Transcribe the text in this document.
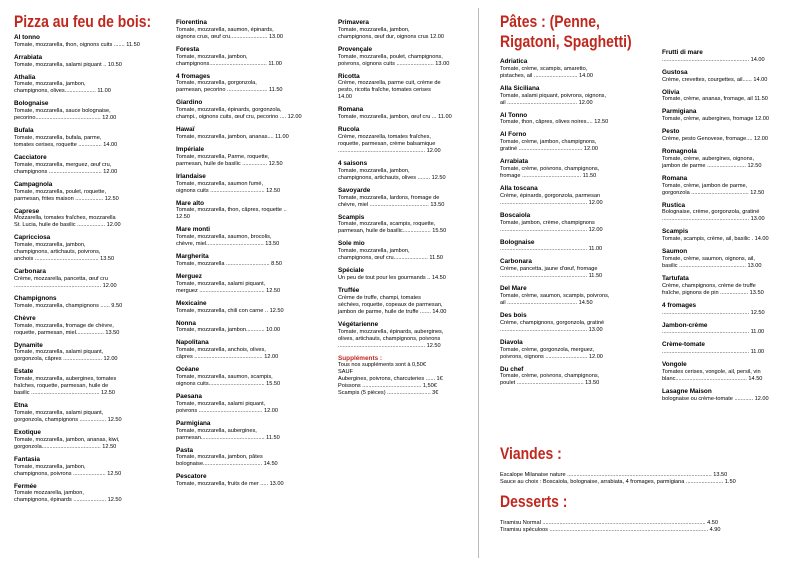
Pizza au feu de bois:
Al tonno
Tomate, mozzarella, thon, oignons cuits ....... 11.50
Arrabiata
Tomate, mozzarella, salami piquant .. 10.50
Athalia
Tomate, mozzarella, jambon,
champignons, olives.................... 11.00
Bolognaise
Tomate, mozzarella, sauce bolognaise,
pecorino.......................................... 12.00
Bufala
Tomate, mozzarella, bufala, parme,
tomates cerises, roquette ............... 14.00
Cacciatore
Tomate, mozzarella, merguez, œuf cru,
champignons .................................. 12.00
Campagnola
Tomate, mozzarella, poulet, roquette,
parmesan, frites maison .................. 12.50
Caprese
Mozzarella, tomates fraîches, mozzarella
St. Lucia, huile de basilic .................. 12.00
Capricciosa
Tomate, mozzarella, jambon,
champignons, artichauts, poivrons,
anchois ......................................... 13.50
Carbonara
Crème, mozzarella, pancetta, œuf cru
........................................................ 12.00
Champignons
Tomate, mozzarella, champignons ...... 9.50
Chèvre
Tomate, mozzarella, fromage de chèvre,
roquette, parmesan, miel.................. 13.50
Dynamite
Tomate, mozzarella, salami piquant,
gorgonzola, câpres ......................... 12.00
Estate
Tomate, mozzarella, aubergines, tomates
fraîches, roquette, parmesan, huile de
basilic ............................................ 12.50
Etna
Tomate, mozzarella, salami piquant,
gorgonzola, champignons ................. 12.50
Exotique
Tomate, mozzarella, jambon, ananas, kiwi,
gorgonzola...................................... 12.50
Fantasia
Tomate, mozzarella, jambon,
champignons, poivrons ..................... 12.50
Fermée
Tomate mozzarella, jambon,
champignons, épinards ..................... 12.50
Fiorentina
Tomate, mozzarella, saumon, épinards,
oignons crus, œuf cru........................ 13.00
Foresta
Tomate, mozzarella, jambon,
champignons..................................... 11.00
4 fromages
Tomate, mozzarella, gorgonzola,
parmesan, pecorino .......................... 11.50
Giardino
Tomate, mozzarella, épinards, gorgonzola,
champi., oignons cuits, œuf cru, pecorino .... 12.00
Hawaï
Tomate, mozzarella, jambon, ananas.... 11.00
Impériale
Tomate, mozzarella, Parme, roquette,
parmesan, huile de basilic ................ 12.50
Irlandaise
Tomate, mozzarella, saumon fumé,
oignons cuits ................................... 12.50
Mare alto
Tomate, mozzarella, thon, câpres, roquette .. 12.50
Mare monti
Tomate, mozzarella, saumon, brocolis,
chèvre, miel..................................... 13.50
Margherita
Tomate, mozzarella ............................ 8.50
Merguez
Tomate, mozzarella, salami piquant,
merguez .......................................... 12.50
Mexicaine
Tomate, mozzarella, chili con carne .. 12.50
Nonna
Tomate, mozzarella, jambon............ 10.00
Napolitana
Tomate, mozzarella, anchois, olives,
câpres ............................................ 12.00
Océane
Tomate, mozzarella, saumon, scampis,
oignons cuits.................................... 15.50
Paesana
Tomate, mozzarella, salami piquant,
poivrons ......................................... 12.00
Parmigiana
Tomate, mozzarella, aubergines,
parmesan......................................... 11.50
Pasta
Tomate, mozzarella, jambon, pâtes
bolognaise...................................... 14.50
Pescatore
Tomate, mozzarella, fruits de mer ..... 13.00
Primavera
Tomate, mozzarella, jambon,
champignons, œuf dur, oignons crus 12.00
Provençale
Tomate, mozzarella, poulet, champignons,
poivrons, oignons cuits ........................ 13.00
Ricotta
Crème, mozzarella, parme cuit, crème de
pesto, ricotta fraîche, tomates cerises
14.00
Romana
Tomate, mozzarella, jambon, œuf cru ... 11.00
Rucola
Crème, mozzarella, tomates fraîches,
roquette, parmesan, crème balsamique
........................................................ 12.00
4 saisons
Tomate, mozzarella, jambon,
champignons, artichauts, olives ........ 12.50
Savoyarde
Tomate, mozzarella, lardons, fromage de
chèvre, miel ...................................... 13.50
Scampis
Tomate, mozzarella, scampis, roquette,
parmesan, huile de basilic.................. 15.50
Sole mio
Tomate, mozzarella, jambon,
champignons, œuf cru...................... 11.50
Spéciale
Un peu de tout pour les gourmands .. 14.50
Truffée
Crème de truffe, champi, tomates
séchées, roquette, copeaux de parmesan,
jambon de parme, huile de truffe ....... 14.00
Végétarienne
Tomate, mozzarella, épinards, aubergines,
olives, artichauts, champignons, poivrons
........................................................ 12.50
Suppléments :
Tous nos suppléments sont à 0,50€
SAUF
Aubergines, poivrons, charcuteries ...... 1€
Poissons ...................................... 1,50€
Scampis (5 pièces) ............................ 3€
Pâtes : (Penne,
Rigatoni, Spaghetti)
Adriatica
Tomate, crème, scampis, amaretto,
pistaches, ail ............................ 14.00
Alla Siciliana
Tomate, salami piquant, poivrons, oignons,
ail ............................................. 12.00
Al Tonno
Tomate, thon, câpres, olives noires.... 12.50
Al Forno
Tomate, crème, jambon, champignons,
gratiné ......................................... 12.00
Arrabiata
Tomate, crème, poivrons, champignons,
fromage ...................................... 11.50
Alla toscana
Crème, épinards, gorgonzola, parmesan
........................................................ 12.00
Boscaiola
Tomate, jambon, crème, champignons
........................................................ 12.00
Bolognaise
........................................................ 11.00
Carbonara
Crème, pancetta, jaune d'œuf, fromage
........................................................ 11.50
Del Mare
Tomate, crème, saumon, scampis, poivrons,
ail ............................................. 14.50
Des bois
Crème, champignons, gorgonzola, gratiné
........................................................ 13.00
Diavola
Tomate, crème, gorgonzola, merguez,
poivrons, oignons ........................... 12.00
Du chef
Tomate, crème, poivrons, champignons,
poulet ........................................... 13.50
Frutti di mare
........................................................ 14.00
Gustosa
Crème, crevettes, courgettes, ail...... 14.00
Olivia
Tomate, crème, ananas, fromage, ail 11.50
Parmigiana
Tomate, crème, aubergines, fromage 12.00
Pesto
Crème, pesto Genovese, fromage.... 12.00
Romagnola
Tomate, crème, aubergines, oignons,
jambon de parme ......................... 12.50
Romana
Tomate, crème, jambon de parme,
gorgonzola ..................................... 12.50
Rustica
Bolognaise, crème, gorgonzola, gratiné
........................................................ 13.00
Scampis
Tomate, scampis, crème, ail, basilic . 14.00
Saumon
Tomate, crème, saumon, oignons, ail,
basilic ........................................... 13.00
Tartufata
Crème, champignons, crème de truffe
fraîche, pignons de pin .................. 13.50
4 fromages
........................................................ 12.50
Jambon-crème
........................................................ 11.00
Crème-tomate
........................................................ 11.00
Vongole
Tomates cerises, vongole, ail, persil, vin
blanc.............................................. 14.50
Lasagne Maison
bolognaise ou crème-tomate ............ 12.00
Viandes :
Escalope Milanaise nature ............................................................................................. 13.50
Sauce au choix : Boscaiola, bolognaise, arrabiata, 4 fromages, parmigiana ........................ 1.50
Desserts :
Tiramisu Normal ......................................................................................................... 4.50
Tiramisu spéculoos ...................................................................................................... 4.90
